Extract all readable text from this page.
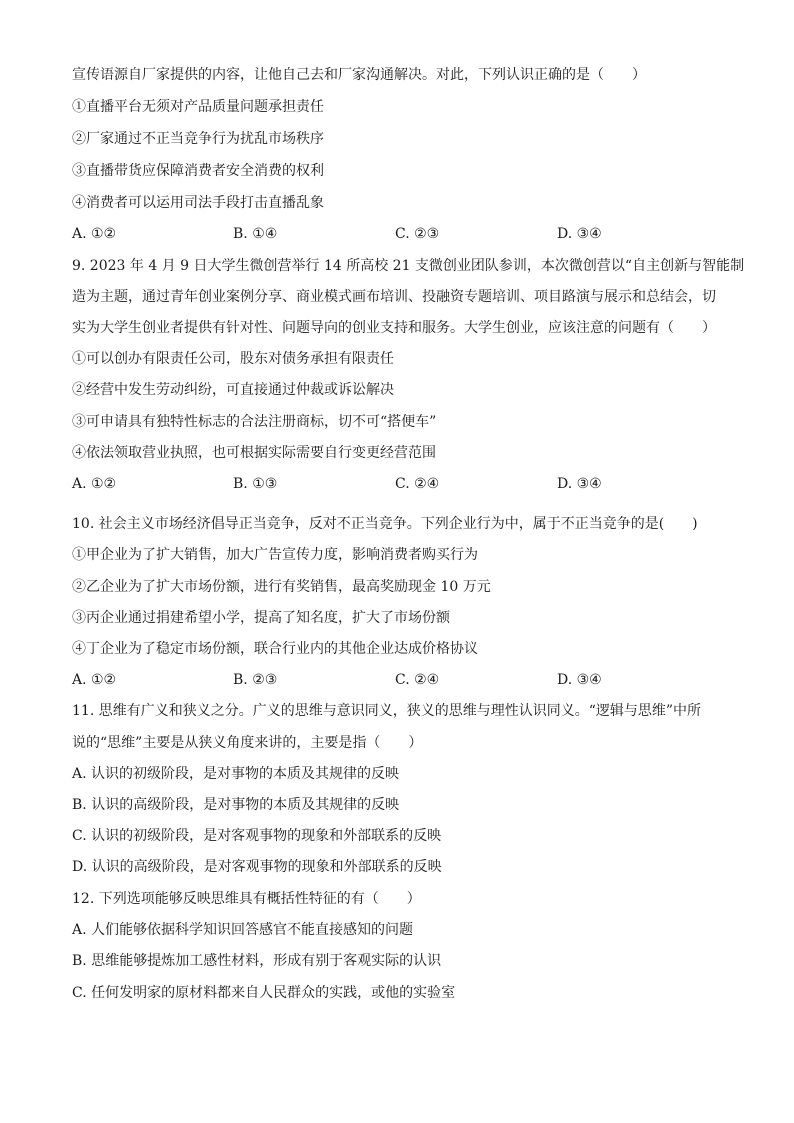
宣传语源自厂家提供的内容，让他自己去和厂家沟通解决。对此，下列认识正确的是（　　）
①直播平台无须对产品质量问题承担责任
②厂家通过不正当竞争行为扰乱市场秩序
③直播带货应保障消费者安全消费的权利
④消费者可以运用司法手段打击直播乱象
A. ①②	B. ①④	C. ②③	D. ③④
9. 2023 年 4 月 9 日大学生微创营举行 14 所高校 21 支微创业团队参训，本次微创营以“自主创新与智能制
造为主题，通过青年创业案例分享、商业模式画布培训、投融资专题培训、项目路演与展示和总结会，切
实为大学生创业者提供有针对性、问题导向的创业支持和服务。大学生创业，应该注意的问题有（　　）
①可以创办有限责任公司，股东对债务承担有限责任
②经营中发生劳动纠纷，可直接通过仲裁或诉讼解决
③可申请具有独特性标志的合法注册商标，切不可“搭便车”
④依法领取营业执照，也可根据实际需要自行变更经营范围
A. ①②	B. ①③	C. ②④	D. ③④
10. 社会主义市场经济倡导正当竞争，反对不正当竞争。下列企业行为中，属于不正当竞争的是(　　)
①甲企业为了扩大销售，加大广告宣传力度，影响消费者购买行为
②乙企业为了扩大市场份额，进行有奖销售，最高奖励现金 10 万元
③丙企业通过捐建希望小学，提高了知名度，扩大了市场份额
④丁企业为了稳定市场份额，联合行业内的其他企业达成价格协议
A. ①②	B. ②③	C. ②④	D. ③④
11. 思维有广义和狭义之分。广义的思维与意识同义，狭义的思维与理性认识同义。“逻辑与思维”中所
说的“思维”主要是从狭义角度来讲的，主要是指（　　）
A. 认识的初级阶段，是对事物的本质及其规律的反映
B. 认识的高级阶段，是对事物的本质及其规律的反映
C. 认识的初级阶段，是对客观事物的现象和外部联系的反映
D. 认识的高级阶段，是对客观事物的现象和外部联系的反映
12. 下列选项能够反映思维具有概括性特征的有（　　）
A. 人们能够依据科学知识回答感官不能直接感知的问题
B. 思维能够提炼加工感性材料，形成有别于客观实际的认识
C. 任何发明家的原材料都来自人民群众的实践，或他的实验室
